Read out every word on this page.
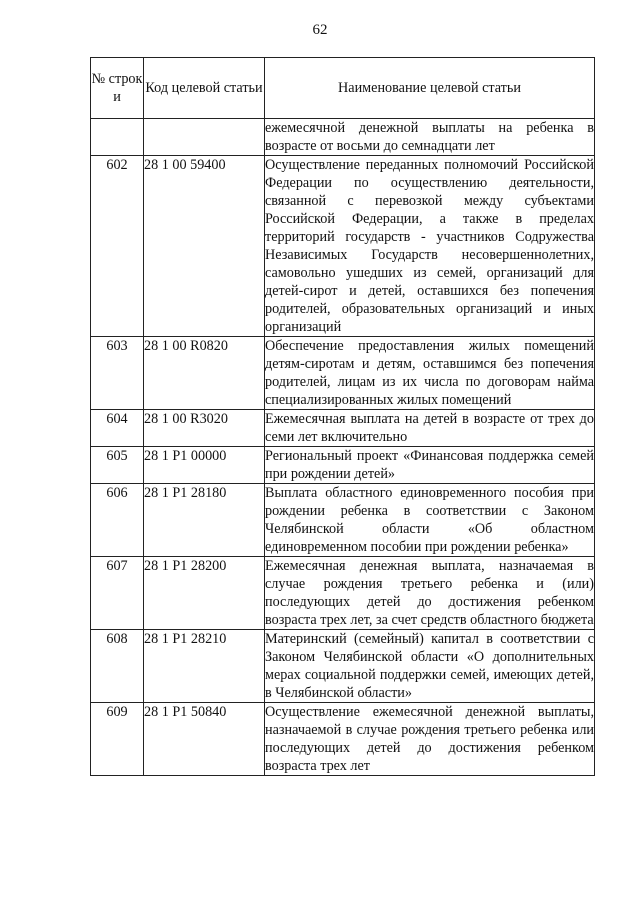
62
№ строк и	Код целевой статьи	Наименование целевой статьи
		ежемесячной денежной выплаты на ребенка в возрасте от восьми до семнадцати лет
602	28 1 00 59400	Осуществление переданных полномочий Российской Федерации по осуществлению деятельности, связанной с перевозкой между субъектами Российской Федерации, а также в пределах территорий государств - участников Содружества Независимых Государств несовершеннолетних, самовольно ушедших из семей, организаций для детей-сирот и детей, оставшихся без попечения родителей, образовательных организаций и иных организаций
603	28 1 00 R0820	Обеспечение предоставления жилых помещений детям-сиротам и детям, оставшимся без попечения родителей, лицам из их числа по договорам найма специализированных жилых помещений
604	28 1 00 R3020	Ежемесячная выплата на детей в возрасте от трех до семи лет включительно
605	28 1 P1 00000	Региональный проект «Финансовая поддержка семей при рождении детей»
606	28 1 P1 28180	Выплата областного единовременного пособия при рождении ребенка в соответствии с Законом Челябинской области «Об областном единовременном пособии при рождении ребенка»
607	28 1 P1 28200	Ежемесячная денежная выплата, назначаемая в случае рождения третьего ребенка и (или) последующих детей до достижения ребенком возраста трех лет, за счет средств областного бюджета
608	28 1 P1 28210	Материнский (семейный) капитал в соответствии с Законом Челябинской области «О дополнительных мерах социальной поддержки семей, имеющих детей, в Челябинской области»
609	28 1 P1 50840	Осуществление ежемесячной денежной выплаты, назначаемой в случае рождения третьего ребенка или последующих детей до достижения ребенком возраста трех лет
